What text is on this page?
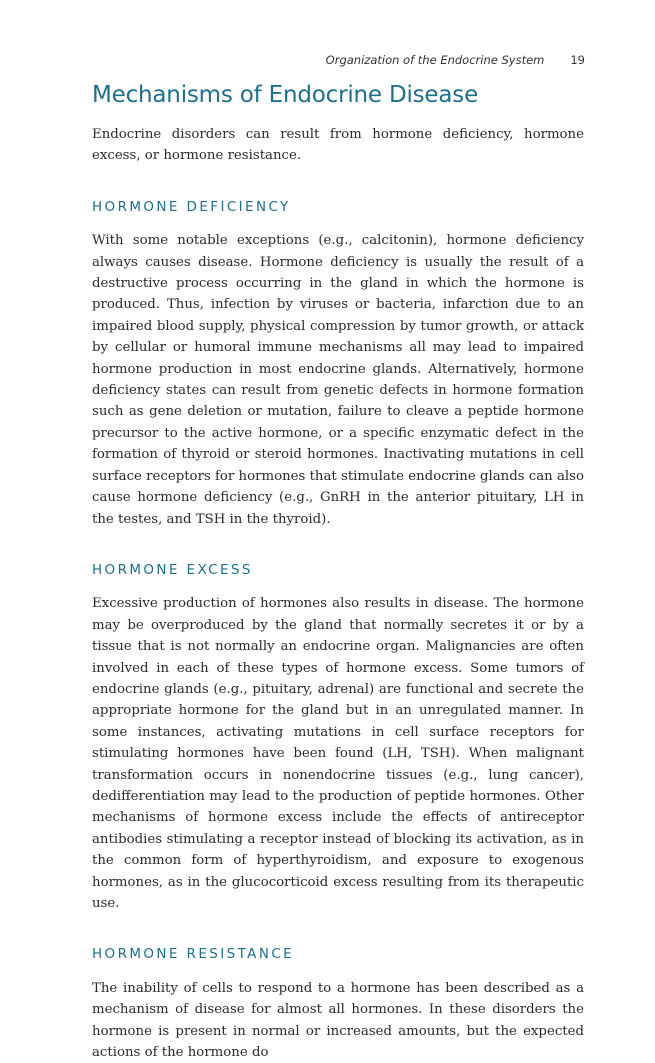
Organization of the Endocrine System 19
Mechanisms of Endocrine Disease

Endocrine disorders can result from hormone deficiency, hormone excess, or hormone resistance.

HORMONE DEFICIENCY

With some notable exceptions (e.g., calcitonin), hormone deficiency always causes disease. Hormone deficiency is usually the result of a destructive process occurring in the gland in which the hormone is produced. Thus, infection by viruses or bacteria, infarction due to an impaired blood supply, physical compression by tumor growth, or attack by cellular or humoral immune mechanisms all may lead to impaired hormone production in most endocrine glands. Alternatively, hormone deficiency states can result from genetic defects in hormone formation such as gene deletion or mutation, failure to cleave a peptide hormone precursor to the active hormone, or a specific enzymatic defect in the formation of thyroid or steroid hormones. Inactivating mutations in cell surface receptors for hormones that stimulate endocrine glands can also cause hormone deficiency (e.g., GnRH in the anterior pituitary, LH in the testes, and TSH in the thyroid).

HORMONE EXCESS

Excessive production of hormones also results in disease. The hormone may be overproduced by the gland that normally secretes it or by a tissue that is not normally an endocrine organ. Malignancies are often involved in each of these types of hormone excess. Some tumors of endocrine glands (e.g., pituitary, adrenal) are functional and secrete the appropriate hormone for the gland but in an unregulated manner. In some instances, activating mutations in cell surface receptors for stimulating hormones have been found (LH, TSH). When malignant transformation occurs in nonendocrine tissues (e.g., lung cancer), dedifferentiation may lead to the production of peptide hormones. Other mechanisms of hormone excess include the effects of antireceptor antibodies stimulating a receptor instead of blocking its activation, as in the common form of hyperthyroidism, and exposure to exogenous hormones, as in the glucocorticoid excess resulting from its therapeutic use.

HORMONE RESISTANCE

The inability of cells to respond to a hormone has been described as a mechanism of disease for almost all hormones. In these disorders the hormone is present in normal or increased amounts, but the expected actions of the hormone do
